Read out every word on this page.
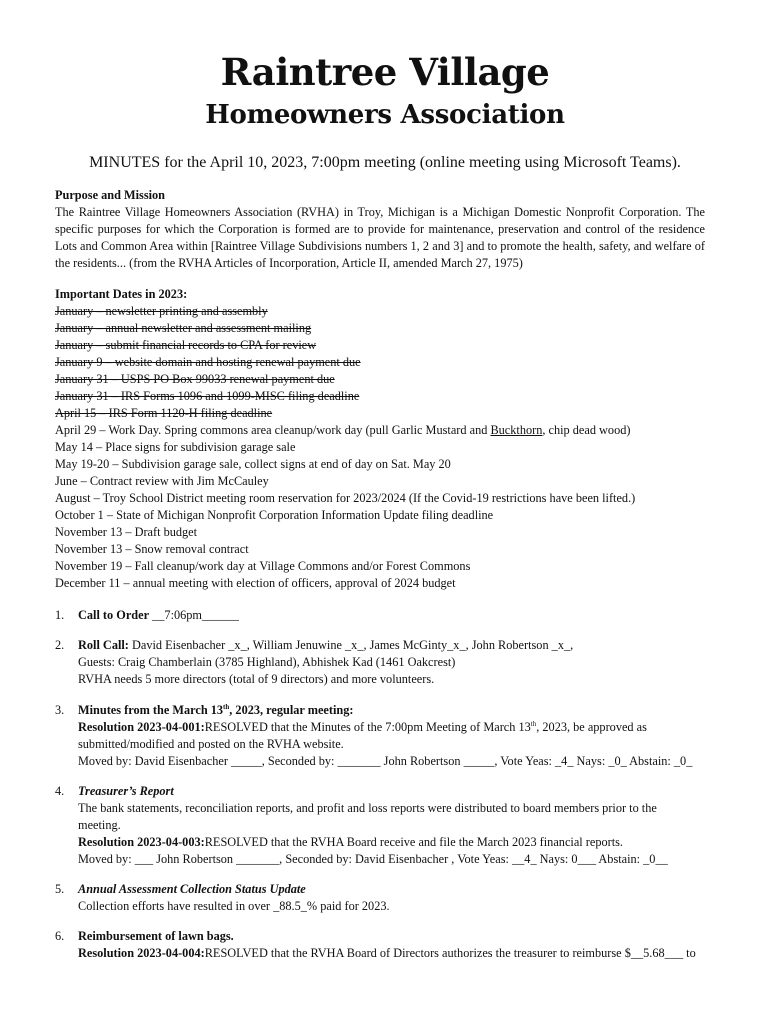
Raintree Village
Homeowners Association

MINUTES for the April 10, 2023, 7:00pm meeting (online meeting using Microsoft Teams).

Purpose and Mission
The Raintree Village Homeowners Association (RVHA) in Troy, Michigan is a Michigan Domestic Nonprofit Corporation. The specific purposes for which the Corporation is formed are to provide for maintenance, preservation and control of the residence Lots and Common Area within [Raintree Village Subdivisions numbers 1, 2 and 3] and to promote the health, safety, and welfare of the residents... (from the RVHA Articles of Incorporation, Article II, amended March 27, 1975)
Important Dates in 2023:
January – newsletter printing and assembly
January – annual newsletter and assessment mailing
January – submit financial records to CPA for review
January 9 – website domain and hosting renewal payment due
January 31 – USPS PO Box 99033 renewal payment due
January 31 – IRS Forms 1096 and 1099-MISC filing deadline
April 15 – IRS Form 1120-H filing deadline
April 29 – Work Day. Spring commons area cleanup/work day (pull Garlic Mustard and Buckthorn, chip dead wood)
May 14 – Place signs for subdivision garage sale
May 19-20 – Subdivision garage sale, collect signs at end of day on Sat. May 20
June – Contract review with Jim McCauley
August – Troy School District meeting room reservation for 2023/2024 (If the Covid-19 restrictions have been lifted.)
October 1 – State of Michigan Nonprofit Corporation Information Update filing deadline
November 13 – Draft budget
November 13 – Snow removal contract
November 19 – Fall cleanup/work day at Village Commons and/or Forest Commons
December 11 – annual meeting with election of officers, approval of 2024 budget
1.	Call to Order __7:06pm______
2.	Roll Call: David Eisenbacher _x_, William Jenuwine _x_, James McGinty_x_, John Robertson _x_,
Guests: Craig Chamberlain (3785 Highland), Abhishek Kad (1461 Oakcrest)
RVHA needs 5 more directors (total of 9 directors) and more volunteers.
3.	Minutes from the March 13th, 2023, regular meeting:
Resolution 2023-04-001:RESOLVED that the Minutes of the 7:00pm Meeting of March 13th, 2023, be approved as
submitted/modified and posted on the RVHA website.
Moved by: David Eisenbacher _____, Seconded by: _______ John Robertson _____, Vote Yeas: _4_ Nays: _0_ Abstain: _0_
4.	Treasurer’s Report
The bank statements, reconciliation reports, and profit and loss reports were distributed to board members prior to the
meeting.
Resolution 2023-04-003:RESOLVED that the RVHA Board receive and file the March 2023 financial reports.
Moved by: ___ John Robertson _______, Seconded by: David Eisenbacher , Vote Yeas: __4_ Nays: 0___ Abstain: _0__
5.	Annual Assessment Collection Status Update
Collection efforts have resulted in over _88.5_% paid for 2023.
6.	Reimbursement of lawn bags.
Resolution 2023-04-004:RESOLVED that the RVHA Board of Directors authorizes the treasurer to reimburse $__5.68___ to
